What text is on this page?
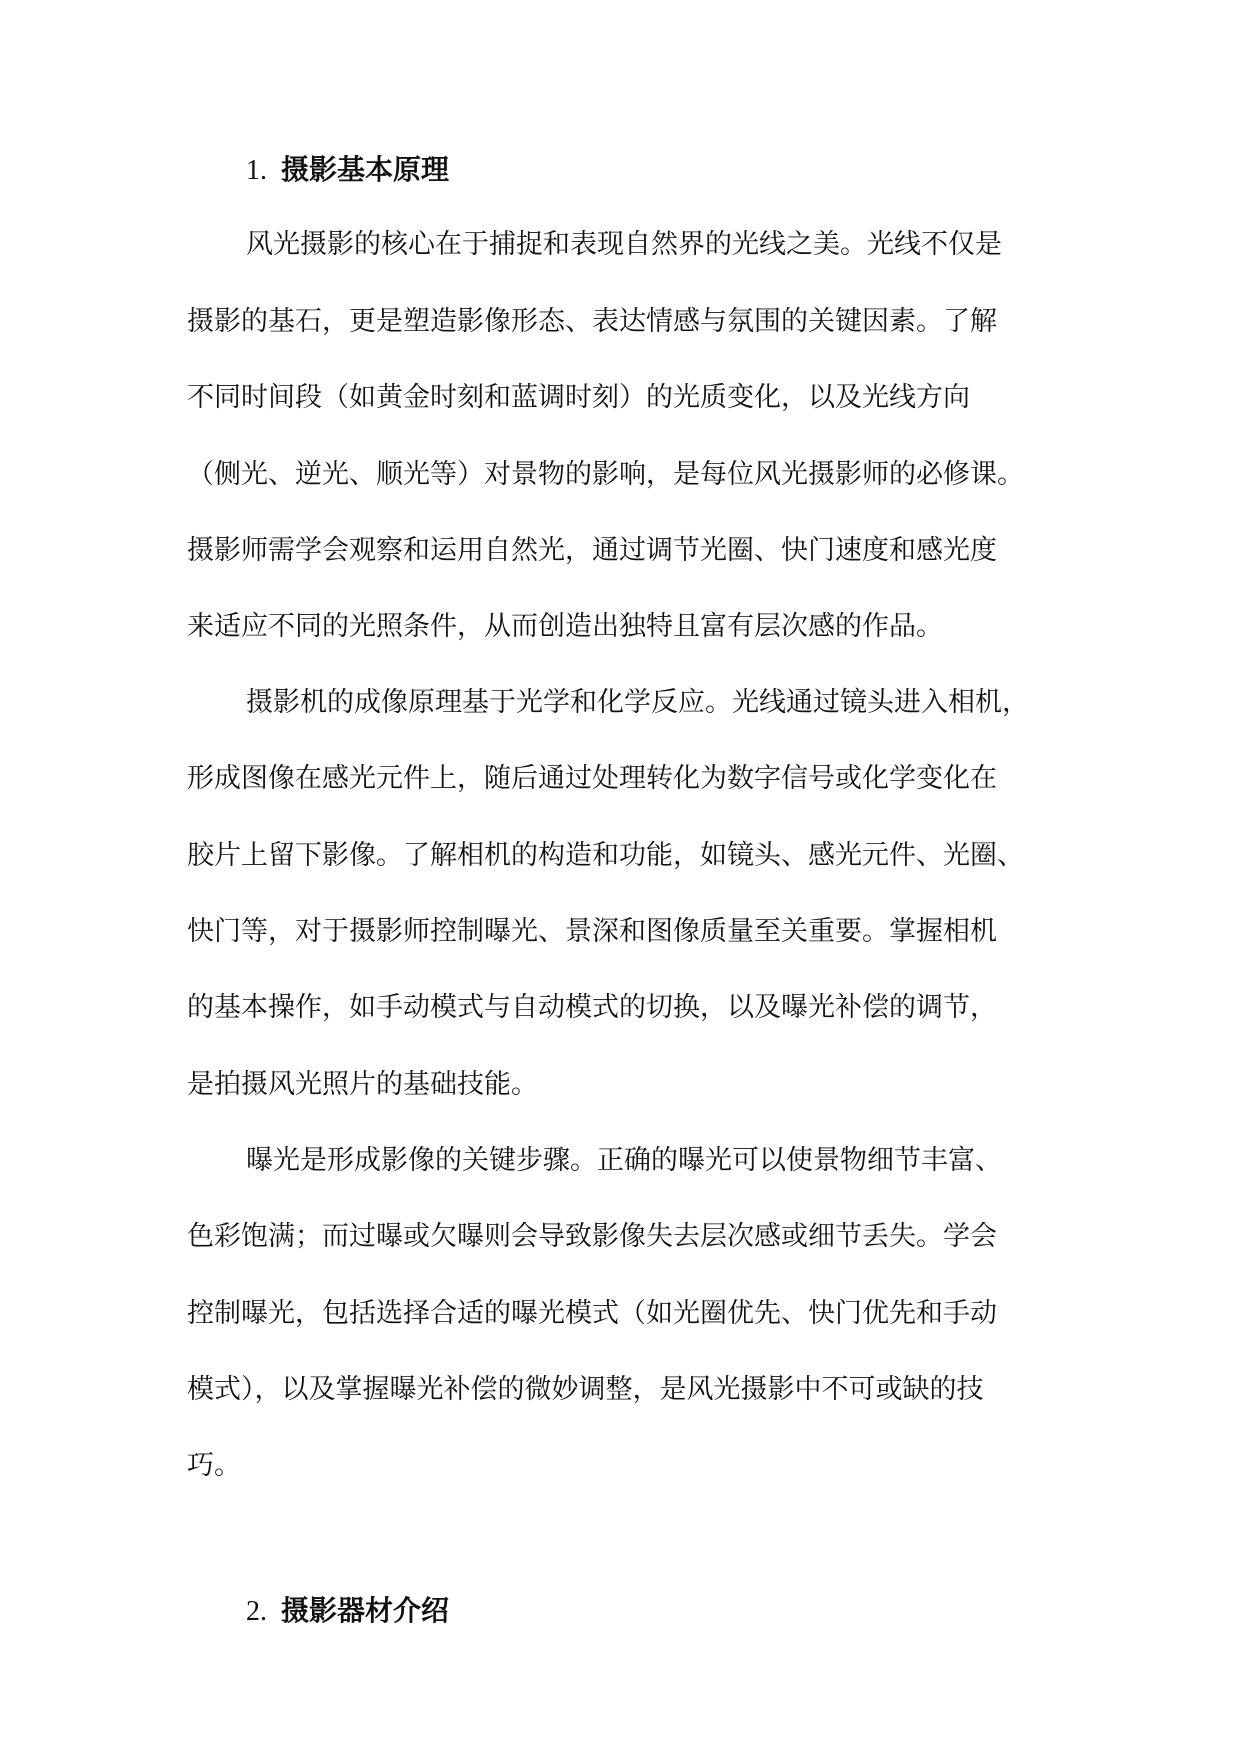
1. 摄影基本原理
风光摄影的核心在于捕捉和表现自然界的光线之美。光线不仅是
摄影的基石，更是塑造影像形态、表达情感与氛围的关键因素。了解
不同时间段（如黄金时刻和蓝调时刻）的光质变化，以及光线方向
（侧光、逆光、顺光等）对景物的影响，是每位风光摄影师的必修课。
摄影师需学会观察和运用自然光，通过调节光圈、快门速度和感光度
来适应不同的光照条件，从而创造出独特且富有层次感的作品。
摄影机的成像原理基于光学和化学反应。光线通过镜头进入相机，
形成图像在感光元件上，随后通过处理转化为数字信号或化学变化在
胶片上留下影像。了解相机的构造和功能，如镜头、感光元件、光圈、
快门等，对于摄影师控制曝光、景深和图像质量至关重要。掌握相机
的基本操作，如手动模式与自动模式的切换，以及曝光补偿的调节，
是拍摄风光照片的基础技能。
曝光是形成影像的关键步骤。正确的曝光可以使景物细节丰富、
色彩饱满；而过曝或欠曝则会导致影像失去层次感或细节丢失。学会
控制曝光，包括选择合适的曝光模式（如光圈优先、快门优先和手动
模式），以及掌握曝光补偿的微妙调整，是风光摄影中不可或缺的技
巧。
2. 摄影器材介绍
